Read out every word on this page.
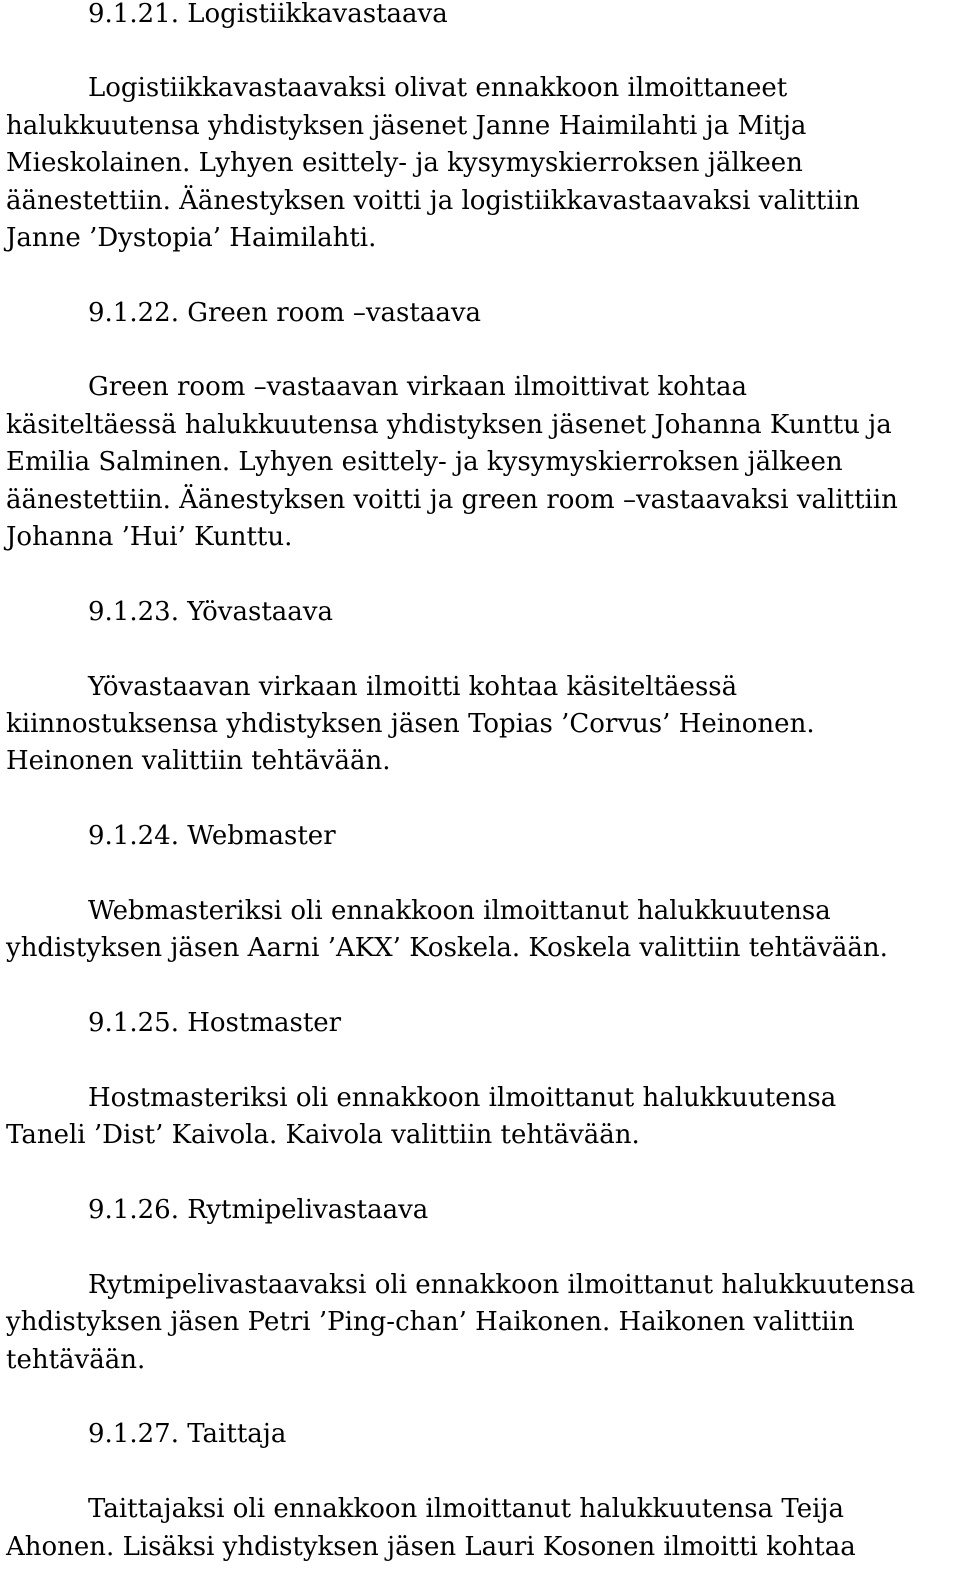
9.1.21. Logistiikkavastaava

Logistiikkavastaavaksi olivat ennakkoon ilmoittaneet

halukkuutensa yhdistyksen jäsenet Janne Haimilahti ja Mitja

Mieskolainen. Lyhyen esittely- ja kysymyskierroksen jälkeen

äänestettiin. Äänestyksen voitti ja logistiikkavastaavaksi valittiin

Janne ’Dystopia’ Haimilahti.

9.1.22. Green room –vastaava

Green room –vastaavan virkaan ilmoittivat kohtaa

käsiteltäessä halukkuutensa yhdistyksen jäsenet Johanna Kunttu ja

Emilia Salminen. Lyhyen esittely- ja kysymyskierroksen jälkeen

äänestettiin. Äänestyksen voitti ja green room –vastaavaksi valittiin

Johanna ’Hui’ Kunttu.

9.1.23. Yövastaava

Yövastaavan virkaan ilmoitti kohtaa käsiteltäessä

kiinnostuksensa yhdistyksen jäsen Topias ’Corvus’ Heinonen.

Heinonen valittiin tehtävään.

9.1.24. Webmaster

Webmasteriksi oli ennakkoon ilmoittanut halukkuutensa

yhdistyksen jäsen Aarni ’AKX’ Koskela. Koskela valittiin tehtävään.

9.1.25. Hostmaster

Hostmasteriksi oli ennakkoon ilmoittanut halukkuutensa

Taneli ’Dist’ Kaivola. Kaivola valittiin tehtävään.

9.1.26. Rytmipelivastaava

Rytmipelivastaavaksi oli ennakkoon ilmoittanut halukkuutensa

yhdistyksen jäsen Petri ’Ping-chan’ Haikonen. Haikonen valittiin

tehtävään.

9.1.27. Taittaja

Taittajaksi oli ennakkoon ilmoittanut halukkuutensa Teija

Ahonen. Lisäksi yhdistyksen jäsen Lauri Kosonen ilmoitti kohtaa
